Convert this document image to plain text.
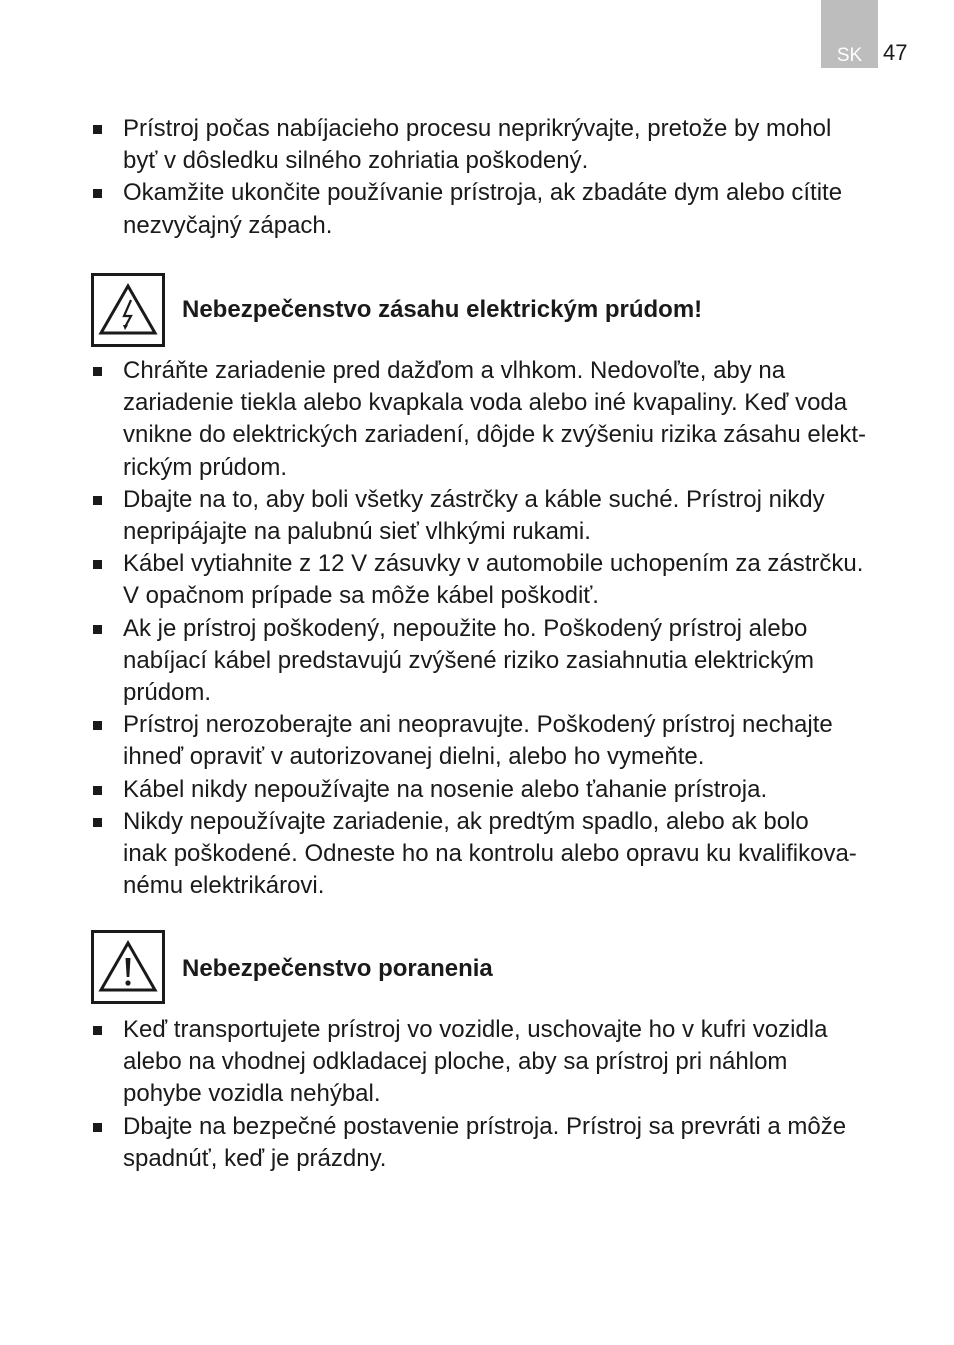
SK 47
Prístroj počas nabíjacieho procesu neprikrývajte, pretože by mohol
byť v dôsledku silného zohriatia poškodený.
Okamžite ukončite používanie prístroja, ak zbadáte dym alebo cítite
nezvyčajný zápach.
Nebezpečenstvo zásahu elektrickým prúdom!
Chráňte zariadenie pred dažďom a vlhkom. Nedovoľte, aby na
zariadenie tiekla alebo kvapkala voda alebo iné kvapaliny. Keď voda
vnikne do elektrických zariadení, dôjde k zvýšeniu rizika zásahu elekt-
rickým prúdom.
Dbajte na to, aby boli všetky zástrčky a káble suché. Prístroj nikdy
nepripájajte na palubnú sieť vlhkými rukami.
Kábel vytiahnite z 12 V zásuvky v automobile uchopením za zástrčku.
V opačnom prípade sa môže kábel poškodiť.
Ak je prístroj poškodený, nepoužite ho. Poškodený prístroj alebo
nabíjací kábel predstavujú zvýšené riziko zasiahnutia elektrickým
prúdom.
Prístroj nerozoberajte ani neopravujte. Poškodený prístroj nechajte
ihneď opraviť v autorizovanej dielni, alebo ho vymeňte.
Kábel nikdy nepoužívajte na nosenie alebo ťahanie prístroja.
Nikdy nepoužívajte zariadenie, ak predtým spadlo, alebo ak bolo
inak poškodené. Odneste ho na kontrolu alebo opravu ku kvalifikova-
nému elektrikárovi.
Nebezpečenstvo poranenia
Keď transportujete prístroj vo vozidle, uschovajte ho v kufri vozidla
alebo na vhodnej odkladacej ploche, aby sa prístroj pri náhlom
pohybe vozidla nehýbal.
Dbajte na bezpečné postavenie prístroja. Prístroj sa prevráti a môže
spadnúť, keď je prázdny.
